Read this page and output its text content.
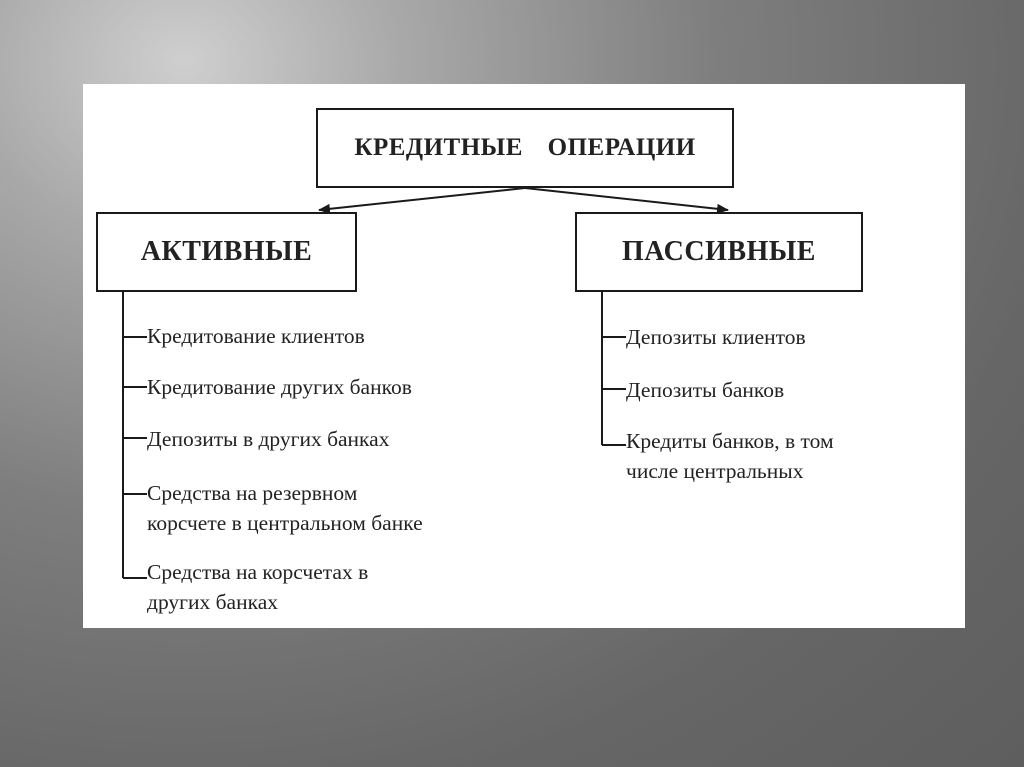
КРЕДИТНЫЕ ОПЕРАЦИИ
АКТИВНЫЕ	ПАССИВНЫЕ
Кредитование клиентов
Кредитование других банков
Депозиты в других банках
Средства на резервном
корсчете в центральном банке
Средства на корсчетах в
других банках
Депозиты клиентов
Депозиты банков
Кредиты банков, в том
числе центральных
